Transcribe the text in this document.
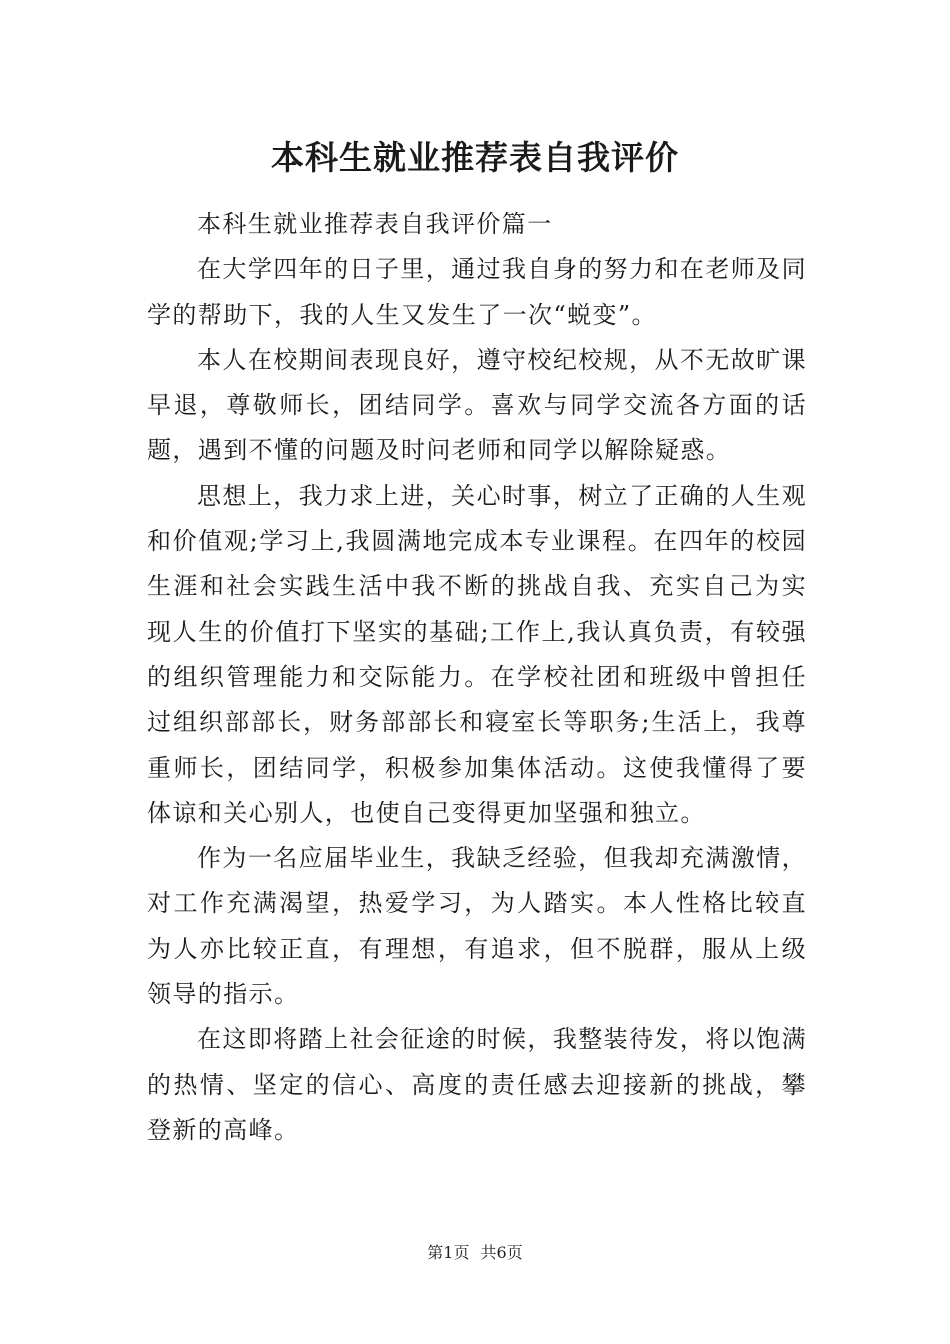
本科生就业推荐表自我评价

本科生就业推荐表自我评价篇一

在大学四年的日子里，通过我自身的努力和在老师及同学的帮助下，我的人生又发生了一次“蜕变”。

本人在校期间表现良好，遵守校纪校规，从不无故旷课早退，尊敬师长，团结同学。喜欢与同学交流各方面的话题，遇到不懂的问题及时问老师和同学以解除疑惑。

思想上，我力求上进，关心时事，树立了正确的人生观和价值观;学习上,我圆满地完成本专业课程。在四年的校园生涯和社会实践生活中我不断的挑战自我、充实自己为实现人生的价值打下坚实的基础;工作上,我认真负责，有较强的组织管理能力和交际能力。在学校社团和班级中曾担任过组织部部长，财务部部长和寝室长等职务;生活上，我尊重师长，团结同学，积极参加集体活动。这使我懂得了要体谅和关心别人，也使自己变得更加坚强和独立。

作为一名应届毕业生，我缺乏经验，但我却充满激情，对工作充满渴望，热爱学习，为人踏实。本人性格比较直为人亦比较正直，有理想，有追求，但不脱群，服从上级领导的指示。

在这即将踏上社会征途的时候，我整装待发，将以饱满的热情、坚定的信心、高度的责任感去迎接新的挑战，攀登新的高峰。

第1页 共6页
